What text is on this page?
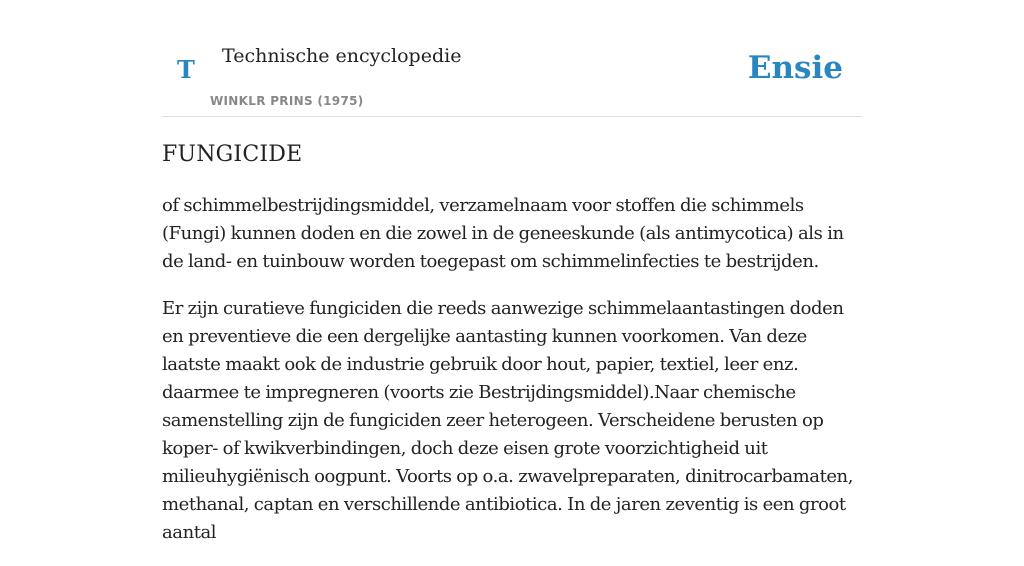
T Technische encyclopedie
WINKLR PRINS (1975)
Ensie
FUNGICIDE

of schimmelbestrijdingsmiddel, verzamelnaam voor stoffen die schimmels (Fungi) kunnen doden en die zowel in de geneeskunde (als antimycotica) als in de land- en tuinbouw worden toegepast om schimmelinfecties te bestrijden.

Er zijn curatieve fungiciden die reeds aanwezige schimmelaantastingen doden en preventieve die een dergelijke aantasting kunnen voorkomen. Van deze laatste maakt ook de industrie gebruik door hout, papier, textiel, leer enz. daarmee te impregneren (voorts zie Bestrijdingsmiddel).Naar chemische samenstelling zijn de fungiciden zeer heterogeen. Verscheidene berusten op koper- of kwikverbindingen, doch deze eisen grote voorzichtigheid uit milieuhygiënisch oogpunt. Voorts op o.a. zwavelpreparaten, dinitrocarbamaten, methanal, captan en verschillende antibiotica. In de jaren zeventig is een groot aantal
